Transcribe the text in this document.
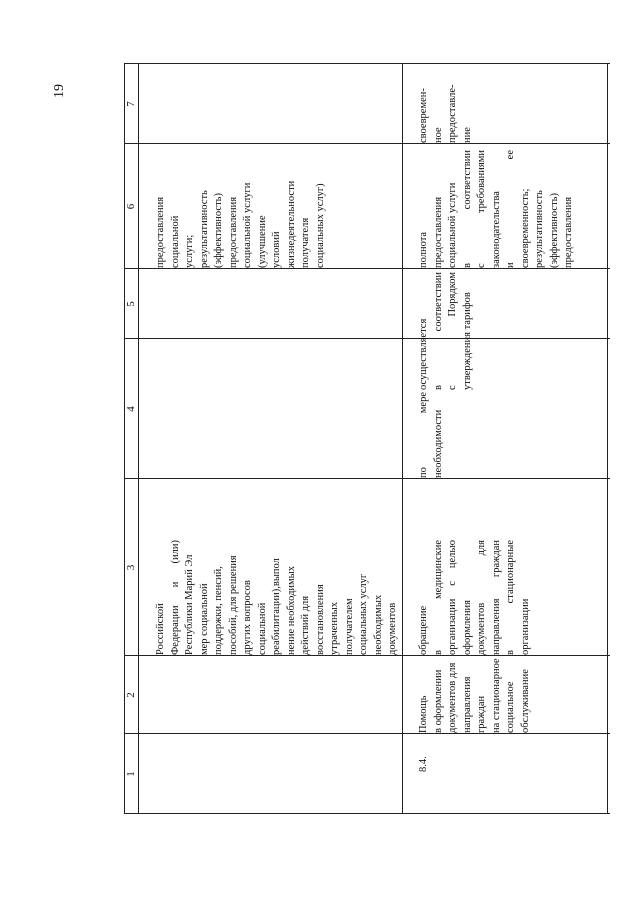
19
1
2
3
4
5
6
7
Российской Федерации и (или) Республики Марий Эл мер социальной поддержки, пенсий, пособий, для решения других вопросов социальной реабилитации),выпол нение необходимых действий для восстановления утраченных получателем социальных услуг необходимых документов
предоставления социальной услуги; результативность (эффективность) предоставления социальной услуги (улучшение условий жизнедеятельности получателя социальных услуг)
8.4.
Помощь в оформлении документов для направления граждан на стационарное социальное обслуживание
обращение в медицинские организации с целью оформления документов для направления граждан в стационарные организации
по мере необходимости
осуществляется в соответствии с Порядком утверждения тарифов
полнота предоставления социальной услуги в соответствии с требованиями законодательства и ее своевременность; результативность (эффективность) предоставления
своевремен- ное предоставле- ние
